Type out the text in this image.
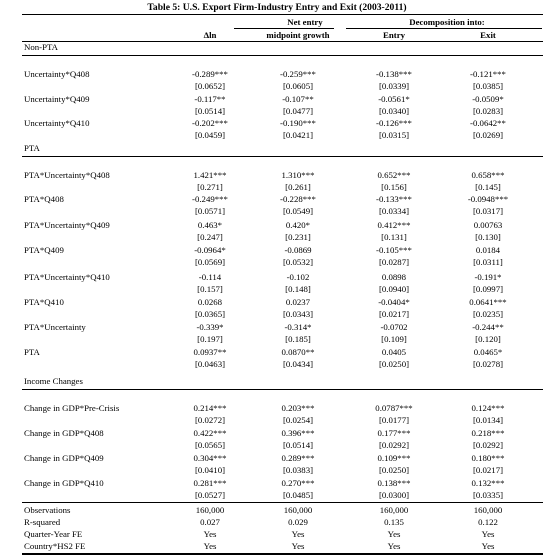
Table 5: U.S. Export Firm-Industry Entry and Exit (2003-2011)
Net entry	Decomposition into:
Δln	midpoint growth	Entry	Exit
Non-PTA
Uncertainty*Q408	-0.289***	-0.259***	-0.138***	-0.121***
[0.0652]	[0.0605]	[0.0339]	[0.0385]
Uncertainty*Q409	-0.117**	-0.107**	-0.0561*	-0.0509*
[0.0514]	[0.0477]	[0.0340]	[0.0283]
Uncertainty*Q410	-0.202***	-0.190***	-0.126***	-0.0642**
[0.0459]	[0.0421]	[0.0315]	[0.0269]
PTA
PTA*Uncertainty*Q408	1.421***	1.310***	0.652***	0.658***
[0.271]	[0.261]	[0.156]	[0.145]
PTA*Q408	-0.249***	-0.228***	-0.133***	-0.0948***
[0.0571]	[0.0549]	[0.0334]	[0.0317]
PTA*Uncertainty*Q409	0.463*	0.420*	0.412***	0.00763
[0.247]	[0.231]	[0.131]	[0.130]
PTA*Q409	-0.0964*	-0.0869	-0.105***	0.0184
[0.0569]	[0.0532]	[0.0287]	[0.0311]
PTA*Uncertainty*Q410	-0.114	-0.102	0.0898	-0.191*
[0.157]	[0.148]	[0.0940]	[0.0997]
PTA*Q410	0.0268	0.0237	-0.0404*	0.0641***
[0.0365]	[0.0343]	[0.0217]	[0.0235]
PTA*Uncertainty	-0.339*	-0.314*	-0.0702	-0.244**
[0.197]	[0.185]	[0.109]	[0.120]
PTA	0.0937**	0.0870**	0.0405	0.0465*
[0.0463]	[0.0434]	[0.0250]	[0.0278]
Income Changes
Change in GDP*Pre-Crisis	0.214***	0.203***	0.0787***	0.124***
[0.0272]	[0.0254]	[0.0177]	[0.0134]
Change in GDP*Q408	0.422***	0.396***	0.177***	0.218***
[0.0565]	[0.0514]	[0.0292]	[0.0292]
Change in GDP*Q409	0.304***	0.289***	0.109***	0.180***
[0.0410]	[0.0383]	[0.0250]	[0.0217]
Change in GDP*Q410	0.281***	0.270***	0.138***	0.132***
[0.0527]	[0.0485]	[0.0300]	[0.0335]
Observations	160,000	160,000	160,000	160,000
R-squared	0.027	0.029	0.135	0.122
Quarter-Year FE	Yes	Yes	Yes	Yes
Country*HS2 FE	Yes	Yes	Yes	Yes
